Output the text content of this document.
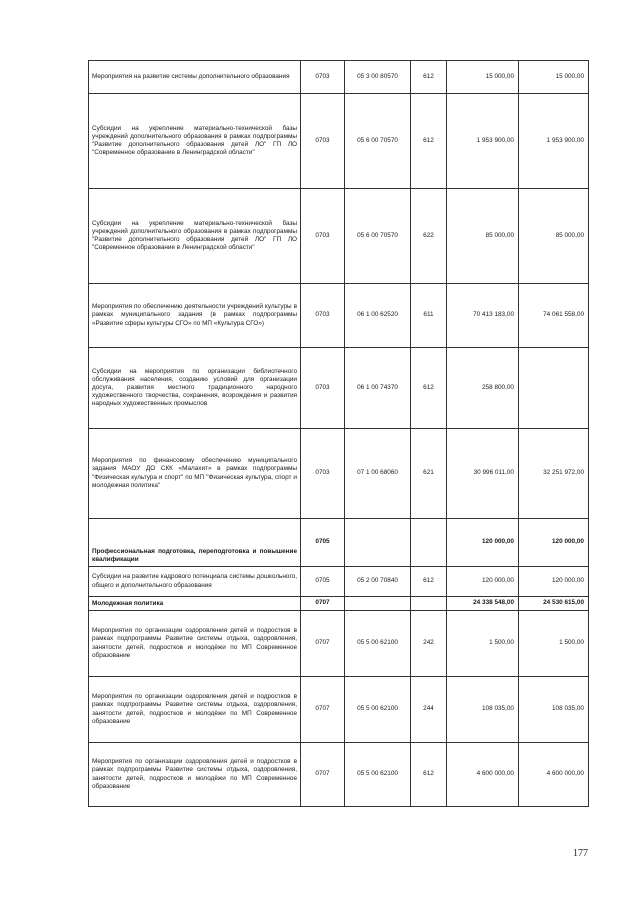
Мероприятия на развитие системы дополнительного образования	0703	05 3 00 80570	612	15 000,00	15 000,00
Субсидии на укрепление материально-технической базы учреждений дополнительного образования в рамках подпрограммы "Развитие дополнительного образования детей ЛО" ГП ЛО "Современное образование в Ленинградской области"	0703	05 6 00 70570	612	1 953 900,00	1 953 900,00
Субсидии на укрепление материально-технической базы учреждений дополнительного образования в рамках подпрограммы "Развитие дополнительного образования детей ЛО" ГП ЛО "Современное образование в Ленинградской области"	0703	05 6 00 70570	622	85 000,00	85 000,00
Мероприятия по обеспечению деятельности учреждений культуры в рамках муниципального задания (в рамках подпрограммы «Развитие сферы культуры СГО» по МП «Культура СГО»)	0703	06 1 00 62520	611	70 413 183,00	74 061 558,00
Субсидии на мероприятия по организации библиотечного обслуживания населения, созданию условий для организации досуга, развития местного традиционного народного художественного творчества, сохранения, возрождения и развития народных художественных промыслов	0703	06 1 00 74370	612	258 800,00	
Мероприятия по финансовому обеспечению муниципального задания МАОУ ДО СКК «Малахит» в рамках подпрограммы "Физическая культура и спорт" по МП "Физическая культура, спорт и молодежная политика"	0703	07 1 00 68060	621	30 996 011,00	32 251 972,00
Профессиональная подготовка, переподготовка и повышение квалификации	0705			120 000,00	120 000,00
Субсидии на развитие кадрового потенциала системы дошкольного, общего и дополнительного образования	0705	05 2 00 70840	612	120 000,00	120 000,00
Молодежная политика	0707			24 338 548,00	24 530 615,00
Мероприятия по организации оздоровления детей и подростков в рамках подпрограммы Развитие системы отдыха, оздоровления, занятости детей, подростков и молодёжи по МП Современное образование	0707	05 5 00 62100	242	1 500,00	1 500,00
Мероприятия по организации оздоровления детей и подростков в рамках подпрограммы Развитие системы отдыха, оздоровления, занятости детей, подростков и молодёжи по МП Современное образование	0707	05 5 00 62100	244	108 035,00	108 035,00
Мероприятия по организации оздоровления детей и подростков в рамках подпрограммы Развитие системы отдыха, оздоровления, занятости детей, подростков и молодёжи по МП Современное образование	0707	05 5 00 62100	612	4 600 000,00	4 600 000,00
177
